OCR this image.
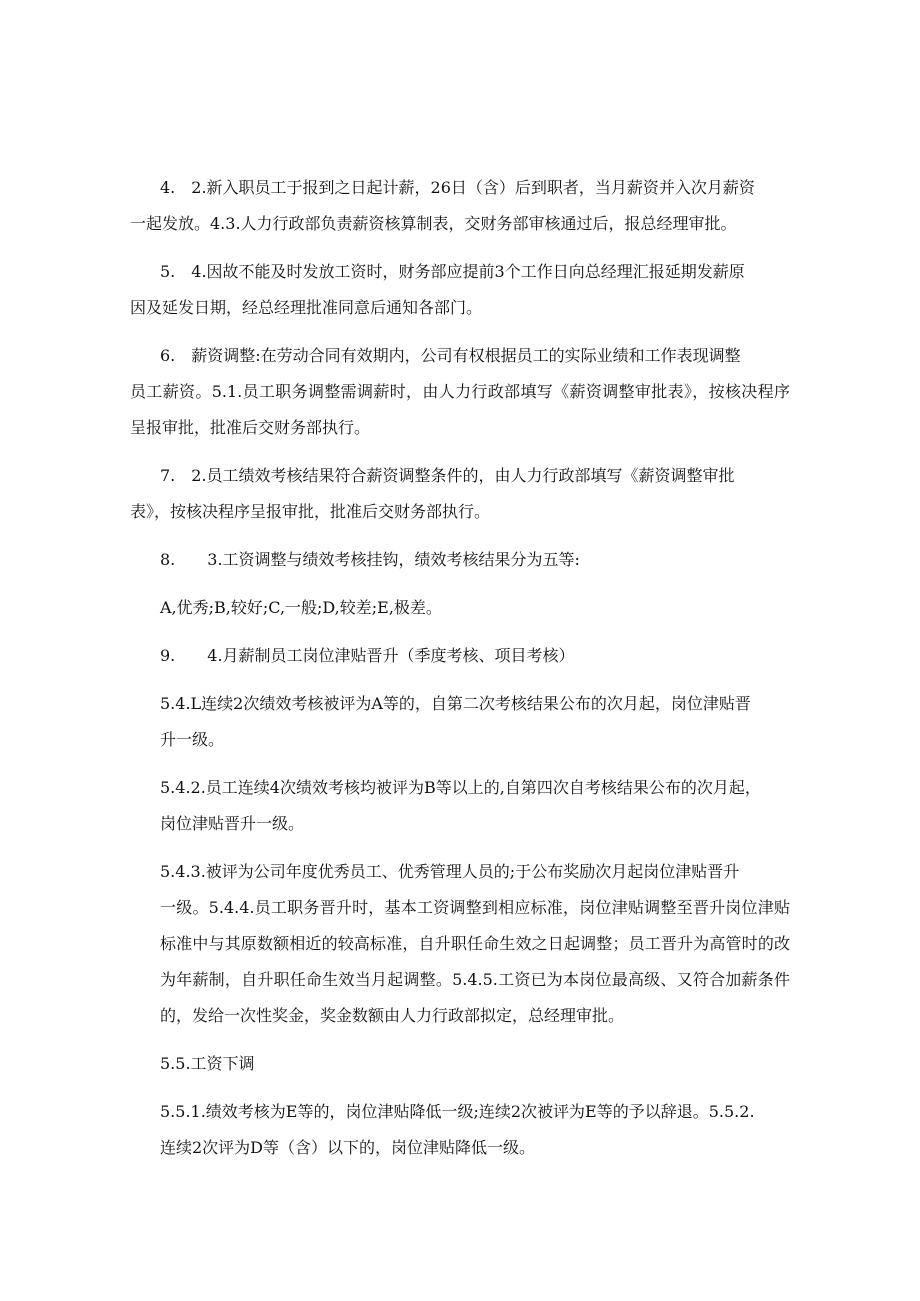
4.　2.新入职员工于报到之日起计薪，26日（含）后到职者，当月薪资并入次月薪资
一起发放。4.3.人力行政部负责薪资核算制表，交财务部审核通过后，报总经理审批。
5.　4.因故不能及时发放工资时，财务部应提前3个工作日向总经理汇报延期发薪原
因及延发日期，经总经理批准同意后通知各部门。
6.　薪资调整:在劳动合同有效期内，公司有权根据员工的实际业绩和工作表现调整
员工薪资。5.1.员工职务调整需调薪时，由人力行政部填写《薪资调整审批表》，按核决程序呈报审批，批准后交财务部执行。
7.　2.员工绩效考核结果符合薪资调整条件的，由人力行政部填写《薪资调整审批
表》，按核决程序呈报审批，批准后交财务部执行。
8.　　3.工资调整与绩效考核挂钩，绩效考核结果分为五等:
A,优秀;B,较好;C,一般;D,较差;E,极差。
9.　　4.月薪制员工岗位津贴晋升（季度考核、项目考核）
5.4.L连续2次绩效考核被评为A等的，自第二次考核结果公布的次月起，岗位津贴晋
升一级。
5.4.2.员工连续4次绩效考核均被评为B等以上的,自第四次自考核结果公布的次月起，
岗位津贴晋升一级。
5.4.3.被评为公司年度优秀员工、优秀管理人员的;于公布奖励次月起岗位津贴晋升
一级。5.4.4.员工职务晋升时，基本工资调整到相应标准，岗位津贴调整至晋升岗位津贴标准中与其原数额相近的较高标准，自升职任命生效之日起调整；员工晋升为高管时的改为年薪制，自升职任命生效当月起调整。5.4.5.工资已为本岗位最高级、又符合加薪条件的，发给一次性奖金，奖金数额由人力行政部拟定，总经理审批。
5.5.工资下调
5.5.1.绩效考核为E等的，岗位津贴降低一级;连续2次被评为E等的予以辞退。5.5.2.
连续2次评为D等（含）以下的，岗位津贴降低一级。
